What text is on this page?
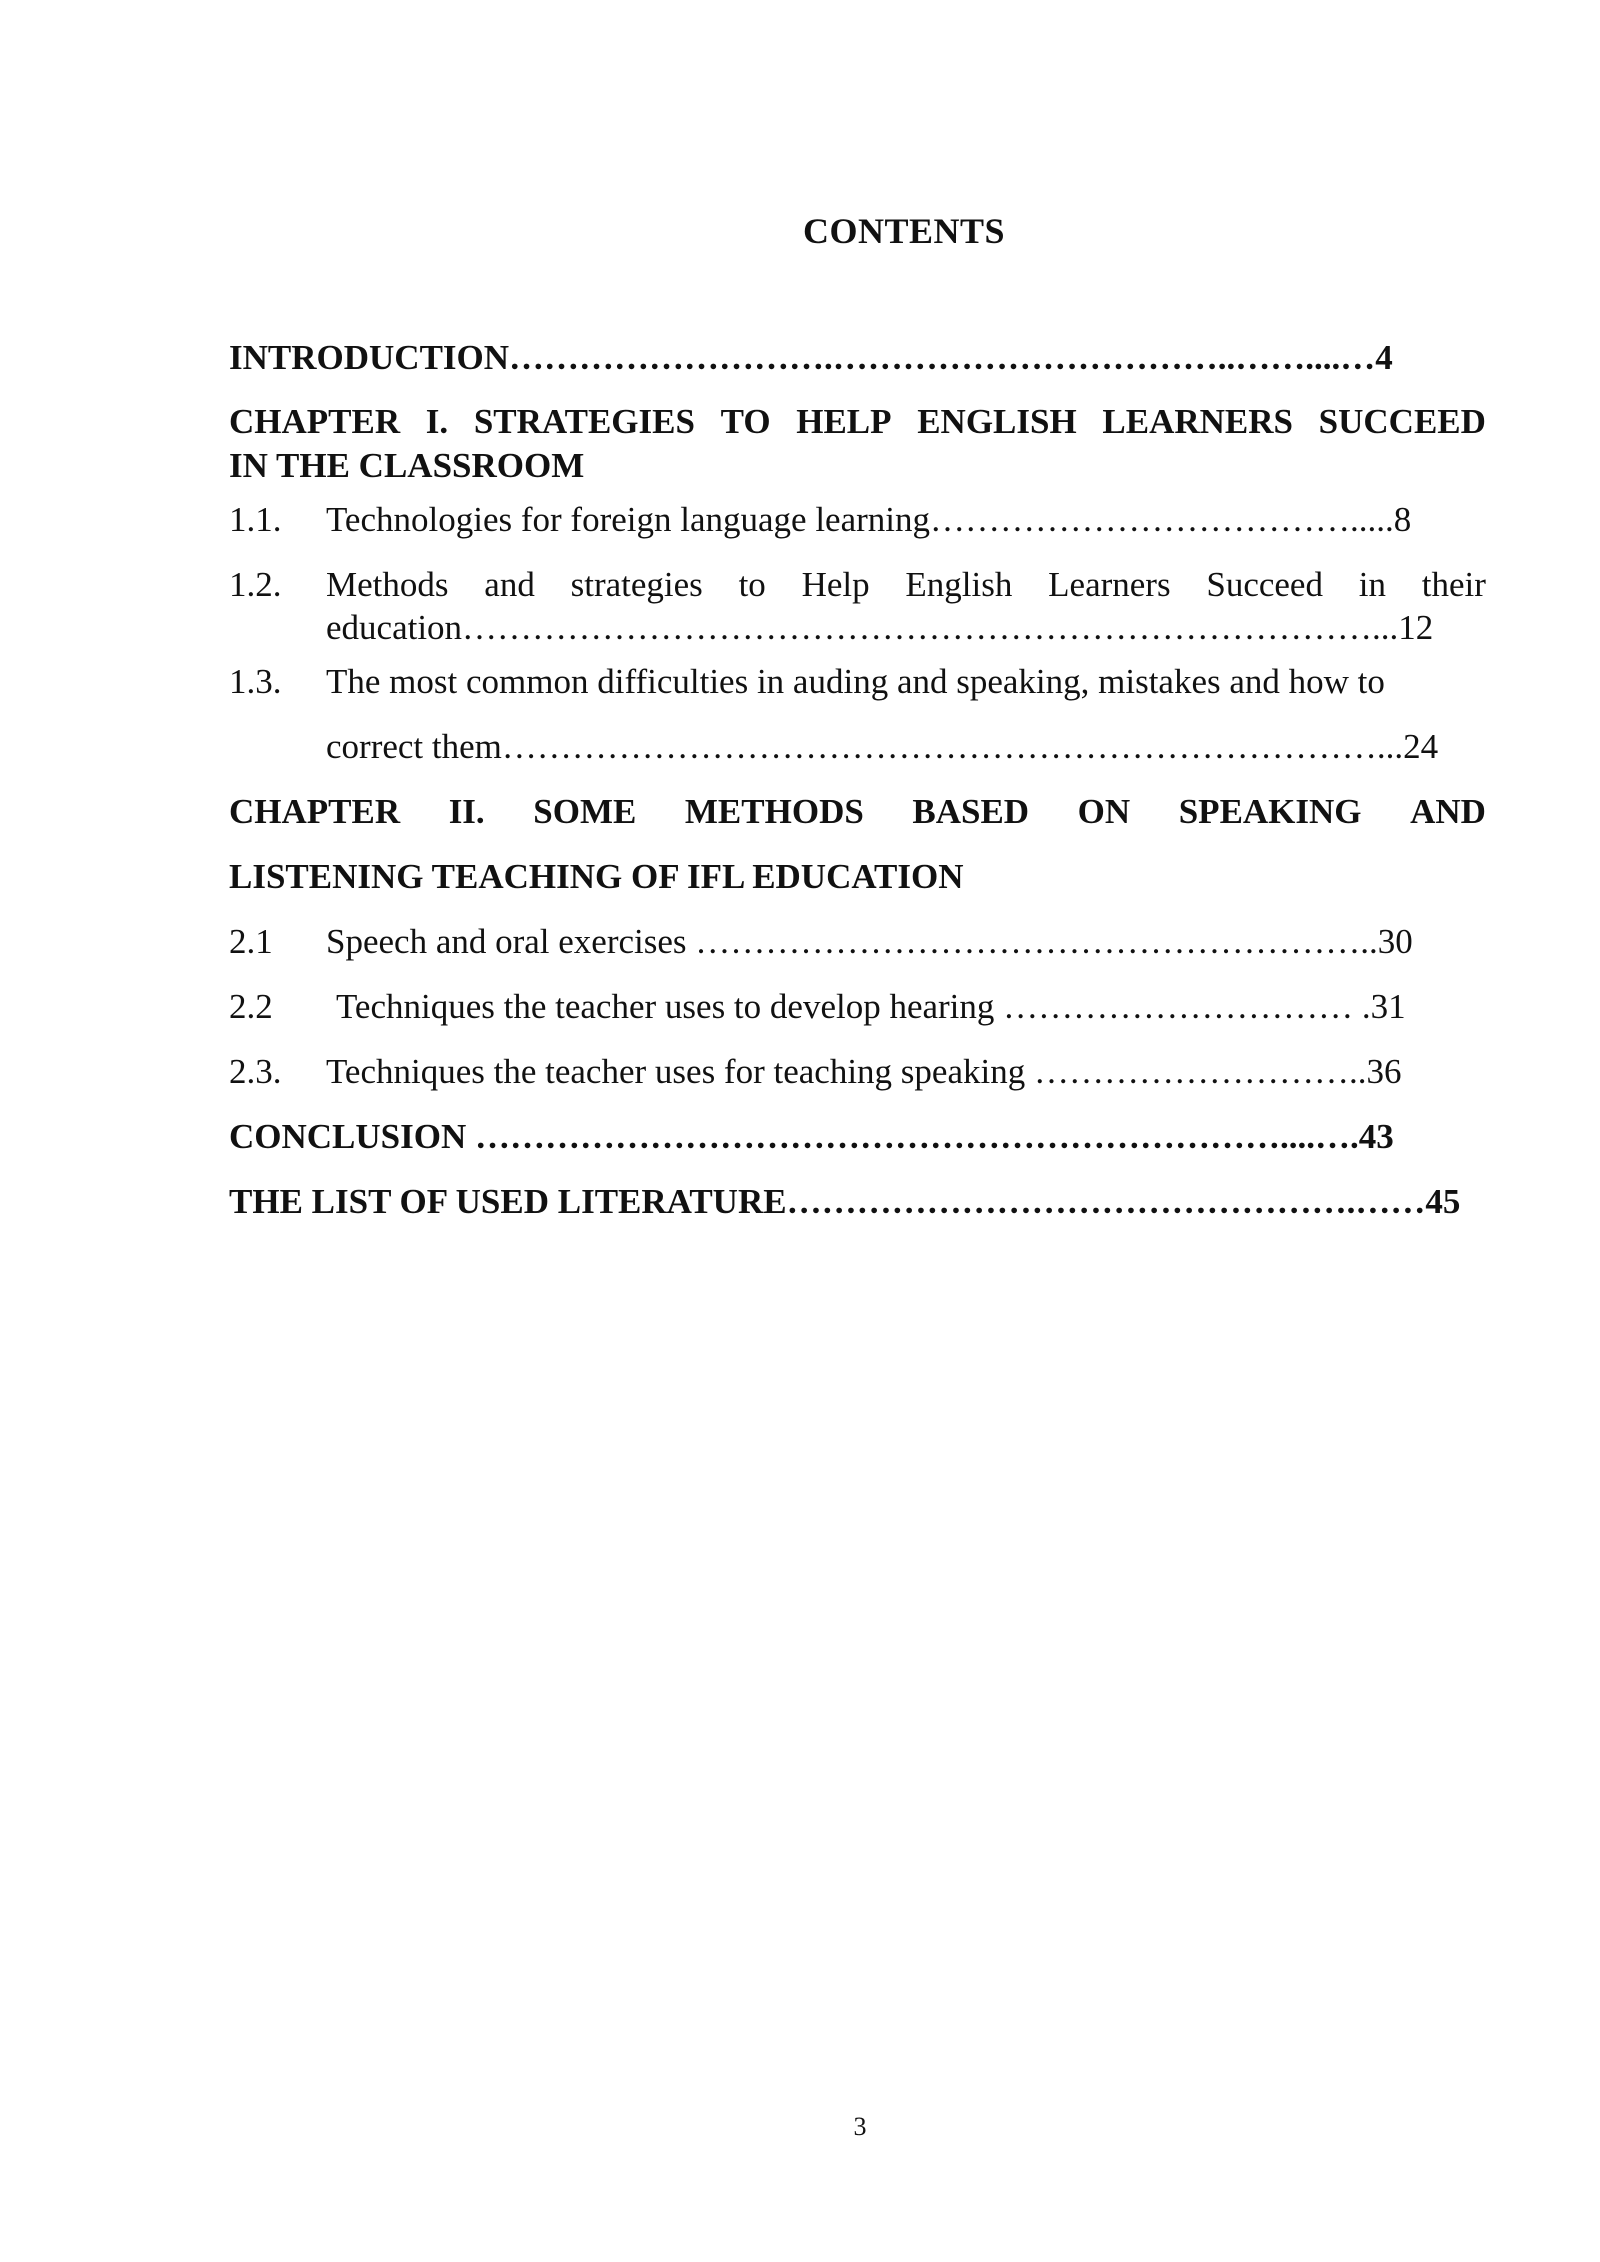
CONTENTS
INTRODUCTION……………………….……………………………..……....…4
CHAPTER I. STRATEGIES TO HELP ENGLISH LEARNERS SUCCEED
IN THE CLASSROOM
1.1. Technologies for foreign language learning……………………………….....8
1.2. Methods and strategies to Help English Learners Succeed in their
education……………………………………………………………………...12
1.3. The most common difficulties in auding and speaking, mistakes and how to
correct them…………………………………………………………………...24
CHAPTER II. SOME METHODS BASED ON SPEAKING AND
LISTENING TEACHING OF IFL EDUCATION
2.1 Speech and oral exercises …………………………………………………..30
2.2 Techniques the teacher uses to develop hearing ………………………… .31
2.3. Techniques the teacher uses for teaching speaking ………………………..36
CONCLUSION ……………………………………………………………....….43
THE LIST OF USED LITERATURE………………………………………….……45
3
